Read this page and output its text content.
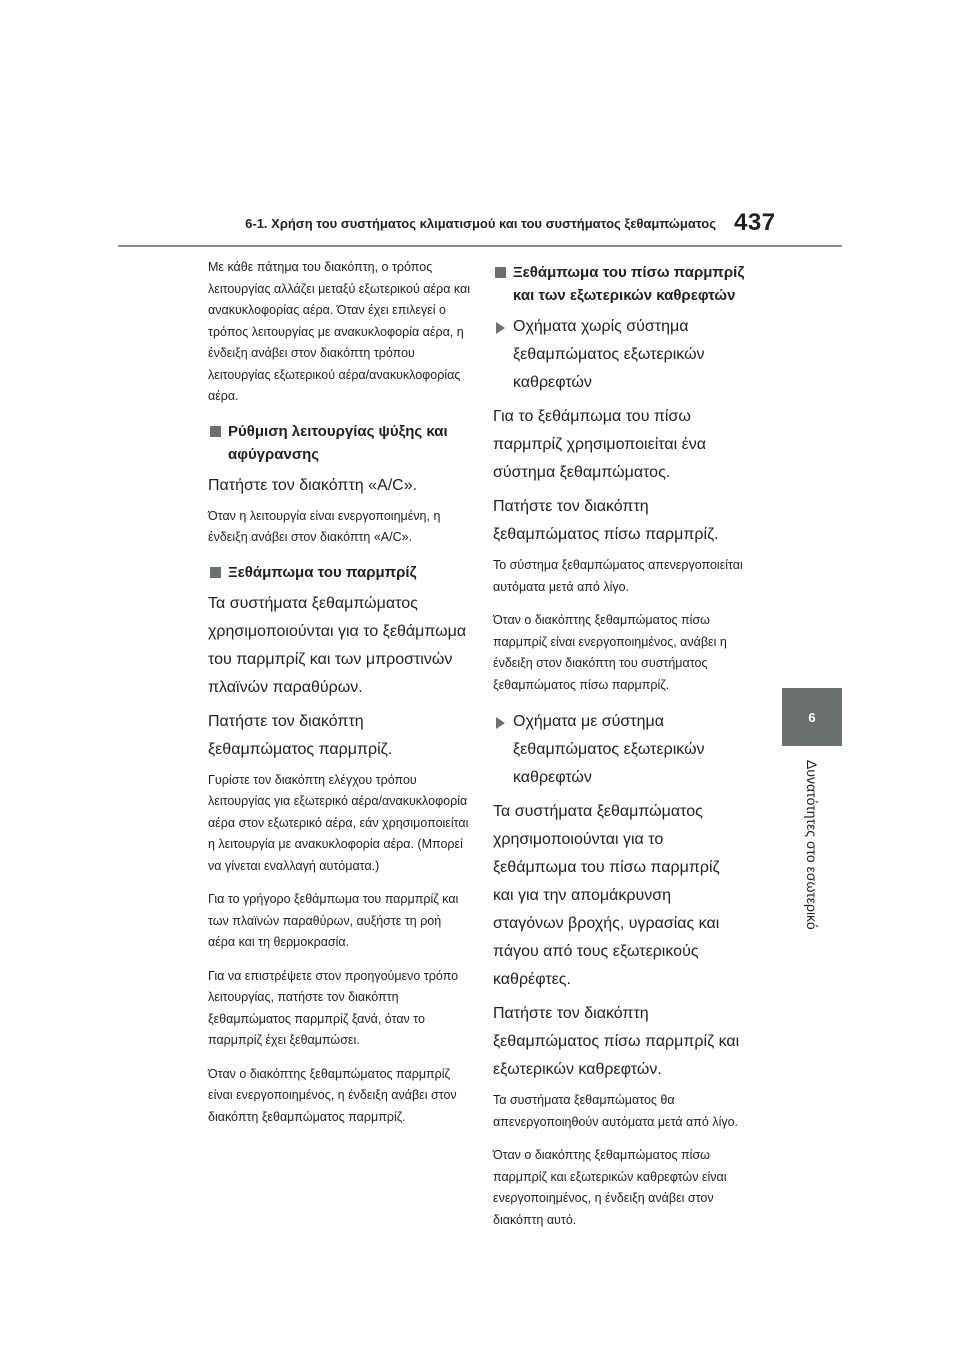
6-1. Χρήση του συστήματος κλιματισμού και του συστήματος ξεθαμπώματος 437
6
Δυνατότητες στο εσωτερικό

Με κάθε πάτημα του διακόπτη, ο τρόπος λειτουργίας αλλάζει μεταξύ εξωτερικού αέρα και ανακυκλοφορίας αέρα. Όταν έχει επιλεγεί ο τρόπος λειτουργίας με ανακυκλοφορία αέρα, η ένδειξη ανάβει στον διακόπτη τρόπου λειτουργίας εξωτερικού αέρα/ανακυκλοφορίας αέρα.

Ρύθμιση λειτουργίας ψύξης και αφύγρανσης

Πατήστε τον διακόπτη «A/C».

Όταν η λειτουργία είναι ενεργοποιημένη, η ένδειξη ανάβει στον διακόπτη «A/C».

Ξεθάμπωμα του παρμπρίζ

Τα συστήματα ξεθαμπώματος χρησιμοποιούνται για το ξεθάμπωμα του παρμπρίζ και των μπροστινών πλαϊνών παραθύρων.

Πατήστε τον διακόπτη ξεθαμπώματος παρμπρίζ.

Γυρίστε τον διακόπτη ελέγχου τρόπου λειτουργίας για εξωτερικό αέρα/ανακυκλοφορία αέρα στον εξωτερικό αέρα, εάν χρησιμοποιείται η λειτουργία με ανακυκλοφορία αέρα. (Μπορεί να γίνεται εναλλαγή αυτόματα.)

Για το γρήγορο ξεθάμπωμα του παρμπρίζ και των πλαϊνών παραθύρων, αυξήστε τη ροή αέρα και τη θερμοκρασία.

Για να επιστρέψετε στον προηγούμενο τρόπο λειτουργίας, πατήστε τον διακόπτη ξεθαμπώματος παρμπρίζ ξανά, όταν το παρμπρίζ έχει ξεθαμπώσει.

Όταν ο διακόπτης ξεθαμπώματος παρμπρίζ είναι ενεργοποιημένος, η ένδειξη ανάβει στον διακόπτη ξεθαμπώματος παρμπρίζ.

Ξεθάμπωμα του πίσω παρμπρίζ και των εξωτερικών καθρεφτών
Οχήματα χωρίς σύστημα ξεθαμπώματος εξωτερικών καθρεφτών

Για το ξεθάμπωμα του πίσω παρμπρίζ χρησιμοποιείται ένα σύστημα ξεθαμπώματος.

Πατήστε τον διακόπτη ξεθαμπώματος πίσω παρμπρίζ.

Το σύστημα ξεθαμπώματος απενεργοποιείται αυτόματα μετά από λίγο.

Όταν ο διακόπτης ξεθαμπώματος πίσω παρμπρίζ είναι ενεργοποιημένος, ανάβει η ένδειξη στον διακόπτη του συστήματος ξεθαμπώματος πίσω παρμπρίζ.

Οχήματα με σύστημα ξεθαμπώματος εξωτερικών καθρεφτών

Τα συστήματα ξεθαμπώματος χρησιμοποιούνται για το ξεθάμπωμα του πίσω παρμπρίζ και για την απομάκρυνση σταγόνων βροχής, υγρασίας και πάγου από τους εξωτερικούς καθρέφτες.

Πατήστε τον διακόπτη ξεθαμπώματος πίσω παρμπρίζ και εξωτερικών καθρεφτών.

Τα συστήματα ξεθαμπώματος θα απενεργοποιηθούν αυτόματα μετά από λίγο.

Όταν ο διακόπτης ξεθαμπώματος πίσω παρμπρίζ και εξωτερικών καθρεφτών είναι ενεργοποιημένος, η ένδειξη ανάβει στον διακόπτη αυτό.
